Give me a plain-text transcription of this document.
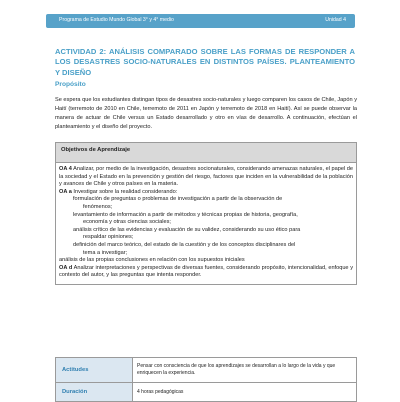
Programa de Estudio Mundo Global 3° y 4° medio	Unidad 4
ACTIVIDAD 2: ANÁLISIS COMPARADO SOBRE LAS FORMAS DE RESPONDER A LOS DESASTRES SOCIO-NATURALES EN DISTINTOS PAÍSES. PLANTEAMIENTO Y DISEÑO
Propósito

Se espera que los estudiantes distingan tipos de desastres socio-naturales y luego comparen los casos de Chile, Japón y Haití (terremoto de 2010 en Chile, terremoto de 2011 en Japón y terremoto de 2018 en Haití). Así se puede observar la manera de actuar de Chile versus un Estado desarrollado y otro en vías de desarrollo. A continuación, efectúan el planteamiento y el diseño del proyecto.

Objetivos de Aprendizaje

OA 4 Analizar, por medio de la investigación, desastres socionaturales, considerando amenazas naturales, el papel de la sociedad y el Estado en la prevención y gestión del riesgo, factores que inciden en la vulnerabilidad de la población y avances de Chile y otros países en la materia.

OA a Investigar sobre la realidad considerando:

formulación de preguntas o problemas de investigación a partir de la observación de

fenómenos;

levantamiento de información a partir de métodos y técnicas propias de historia, geografía,

economía y otras ciencias sociales;

análisis crítico de las evidencias y evaluación de su validez, considerando su uso ético para

respaldar opiniones;

definición del marco teórico, del estado de la cuestión y de los conceptos disciplinares del

tema a investigar;

análisis de las propias conclusiones en relación con los supuestos iniciales

OA d Analizar interpretaciones y perspectivas de diversas fuentes, considerando propósito, intencionalidad, enfoque y contexto del autor, y las preguntas que intenta responder.

Actitudes	Pensar con consciencia de que los aprendizajes se desarrollan a lo largo de la vida y que enriquecen la experiencia.
Duración	4 horas pedagógicas
